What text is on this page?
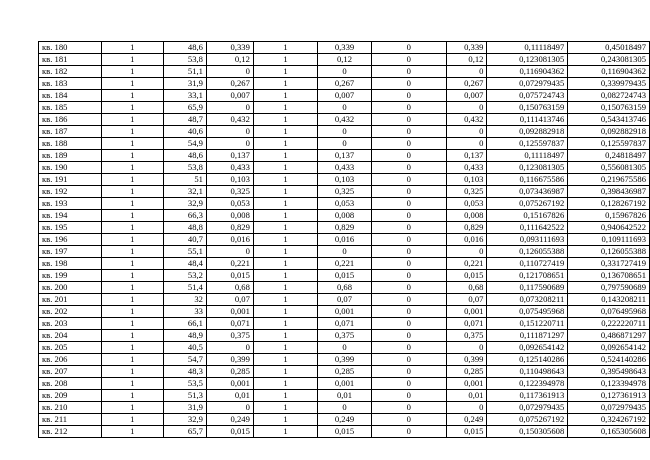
кв. 180	1	48,6	0,339	1	0,339	0	0,339	0,11118497	0,45018497
кв. 181	1	53,8	0,12	1	0,12	0	0,12	0,123081305	0,243081305
кв. 182	1	51,1	0	1	0	0	0	0,116904362	0,116904362
кв. 183	1	31,9	0,267	1	0,267	0	0,267	0,072979435	0,339979435
кв. 184	1	33,1	0,007	1	0,007	0	0,007	0,075724743	0,082724743
кв. 185	1	65,9	0	1	0	0	0	0,150763159	0,150763159
кв. 186	1	48,7	0,432	1	0,432	0	0,432	0,111413746	0,543413746
кв. 187	1	40,6	0	1	0	0	0	0,092882918	0,092882918
кв. 188	1	54,9	0	1	0	0	0	0,125597837	0,125597837
кв. 189	1	48,6	0,137	1	0,137	0	0,137	0,11118497	0,24818497
кв. 190	1	53,8	0,433	1	0,433	0	0,433	0,123081305	0,556081305
кв. 191	1	51	0,103	1	0,103	0	0,103	0,116675586	0,219675586
кв. 192	1	32,1	0,325	1	0,325	0	0,325	0,073436987	0,398436987
кв. 193	1	32,9	0,053	1	0,053	0	0,053	0,075267192	0,128267192
кв. 194	1	66,3	0,008	1	0,008	0	0,008	0,15167826	0,15967826
кв. 195	1	48,8	0,829	1	0,829	0	0,829	0,111642522	0,940642522
кв. 196	1	40,7	0,016	1	0,016	0	0,016	0,093111693	0,109111693
кв. 197	1	55,1	0	1	0	0	0	0,126055388	0,126055388
кв. 198	1	48,4	0,221	1	0,221	0	0,221	0,110727419	0,331727419
кв. 199	1	53,2	0,015	1	0,015	0	0,015	0,121708651	0,136708651
кв. 200	1	51,4	0,68	1	0,68	0	0,68	0,117590689	0,797590689
кв. 201	1	32	0,07	1	0,07	0	0,07	0,073208211	0,143208211
кв. 202	1	33	0,001	1	0,001	0	0,001	0,075495968	0,076495968
кв. 203	1	66,1	0,071	1	0,071	0	0,071	0,151220711	0,222220711
кв. 204	1	48,9	0,375	1	0,375	0	0,375	0,111871297	0,486871297
кв. 205	1	40,5	0	1	0	0	0	0,092654142	0,092654142
кв. 206	1	54,7	0,399	1	0,399	0	0,399	0,125140286	0,524140286
кв. 207	1	48,3	0,285	1	0,285	0	0,285	0,110498643	0,395498643
кв. 208	1	53,5	0,001	1	0,001	0	0,001	0,122394978	0,123394978
кв. 209	1	51,3	0,01	1	0,01	0	0,01	0,117361913	0,127361913
кв. 210	1	31,9	0	1	0	0	0	0,072979435	0,072979435
кв. 211	1	32,9	0,249	1	0,249	0	0,249	0,075267192	0,324267192
кв. 212	1	65,7	0,015	1	0,015	0	0,015	0,150305608	0,165305608
